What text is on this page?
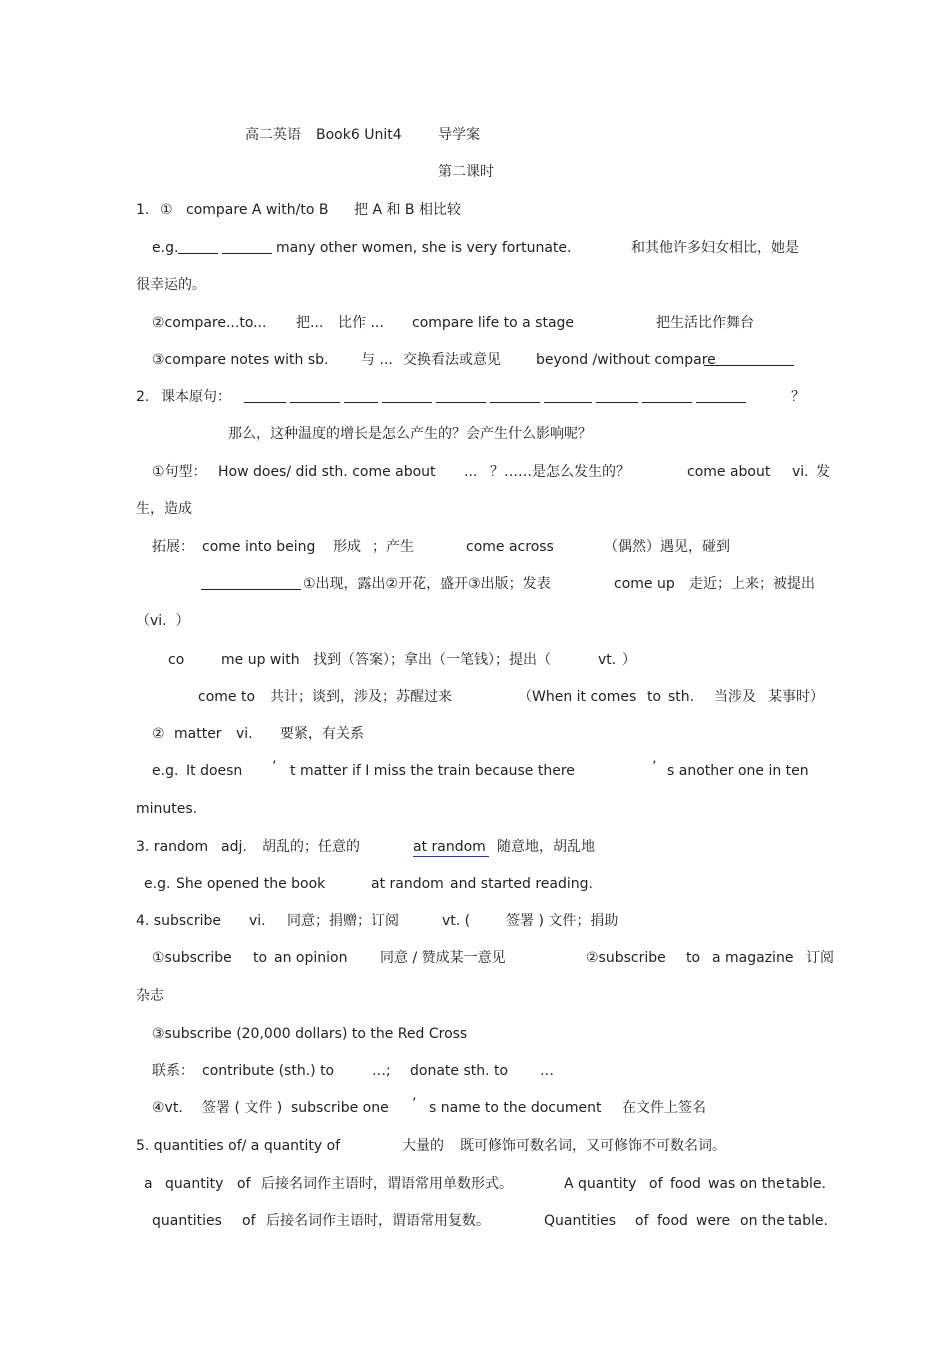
高二英语 Book6 Unit4	导学案
第二课时
1. ① compare A with/to B 把 A 和 B 相比较
e.g.	many other women, she is very fortunate.	和其他许多妇女相比，她是
很幸运的。
②compare...to... 把... 比作 ... compare life to a stage	把生活比作舞台
③compare notes with sb. 与 ... 交换看法或意见	beyond /without compare
2. 课本原句：	？
那么，这种温度的增长是怎么产生的？会产生什么影响呢？
①句型： How does/ did sth. come about ... ？……是怎么发生的？	come about vi. 发
生，造成
拓展： come into being 形成 ；产生	come across	（偶然）遇见，碰到
①出现，露出②开花，盛开③出版；发表	come up 走近；上来；被提出
（vi.  ）
co	me up with 找到（答案）；拿出（一笔钱）；提出（	vt. ）
come to 共计；谈到，涉及；苏醒过来	（When it comes to sth. 当涉及 某事时）
② matter vi. 要紧，有关系
e.g. It doesn ’ t matter if I miss the train because there	’ s another one in ten
minutes.
3. random adj. 胡乱的；任意的	at random 随意地，胡乱地
e.g. She opened the book	at random and started reading.
4. subscribe vi. 同意；捐赠；订阅	vt. (	签署 ) 文件；捐助
①subscribe to an opinion 同意 / 赞成某一意见	②subscribe to a magazine 订阅
杂志
③subscribe (20,000 dollars) to the Red Cross
联系： contribute (sth.) to	…; donate sth. to …
④vt. 签署 ( 文件 ) subscribe one ’ s name to the document 在文件上签名
5. quantities of/ a quantity of	大量的 既可修饰可数名词，又可修饰不可数名词。
a quantity of 后接名词作主语时，谓语常用单数形式。	A quantity of food was on the table.
quantities of 后接名词作主语时，谓语常用复数。	Quantities of food were on the table.
